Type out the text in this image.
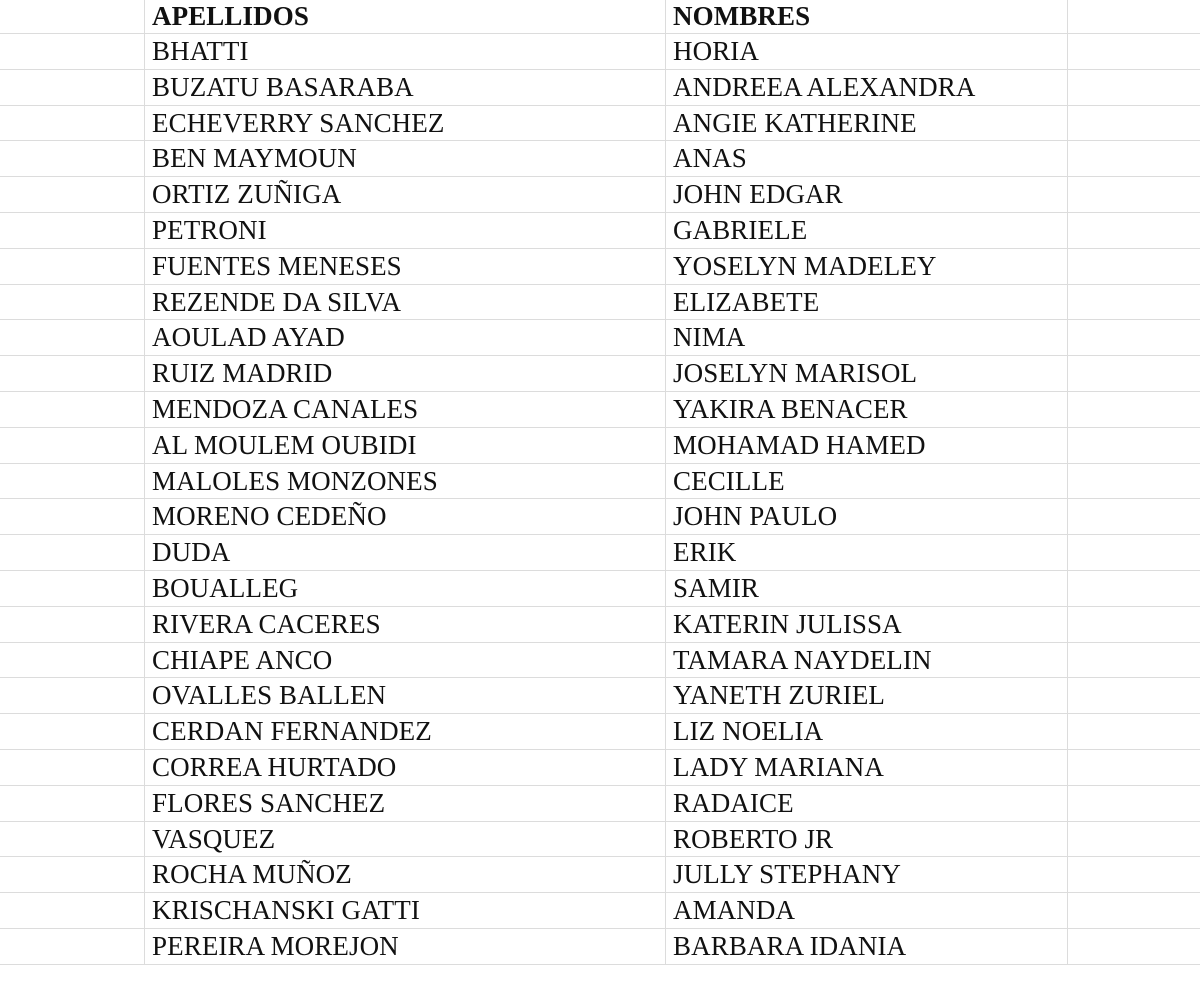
APELLIDOS	NOMBRES
BHATTI	HORIA
BUZATU BASARABA	ANDREEA ALEXANDRA
ECHEVERRY SANCHEZ	ANGIE KATHERINE
BEN MAYMOUN	ANAS
ORTIZ ZUÑIGA	JOHN EDGAR
PETRONI	GABRIELE
FUENTES MENESES	YOSELYN MADELEY
REZENDE DA SILVA	ELIZABETE
AOULAD AYAD	NIMA
RUIZ MADRID	JOSELYN MARISOL
MENDOZA CANALES	YAKIRA BENACER
AL MOULEM OUBIDI	MOHAMAD HAMED
MALOLES MONZONES	CECILLE
MORENO CEDEÑO	JOHN PAULO
DUDA	ERIK
BOUALLEG	SAMIR
RIVERA CACERES	KATERIN JULISSA
CHIAPE ANCO	TAMARA NAYDELIN
OVALLES BALLEN	YANETH ZURIEL
CERDAN FERNANDEZ	LIZ NOELIA
CORREA HURTADO	LADY MARIANA
FLORES SANCHEZ	RADAICE
VASQUEZ	ROBERTO JR
ROCHA MUÑOZ	JULLY STEPHANY
KRISCHANSKI GATTI	AMANDA
PEREIRA MOREJON	BARBARA IDANIA
